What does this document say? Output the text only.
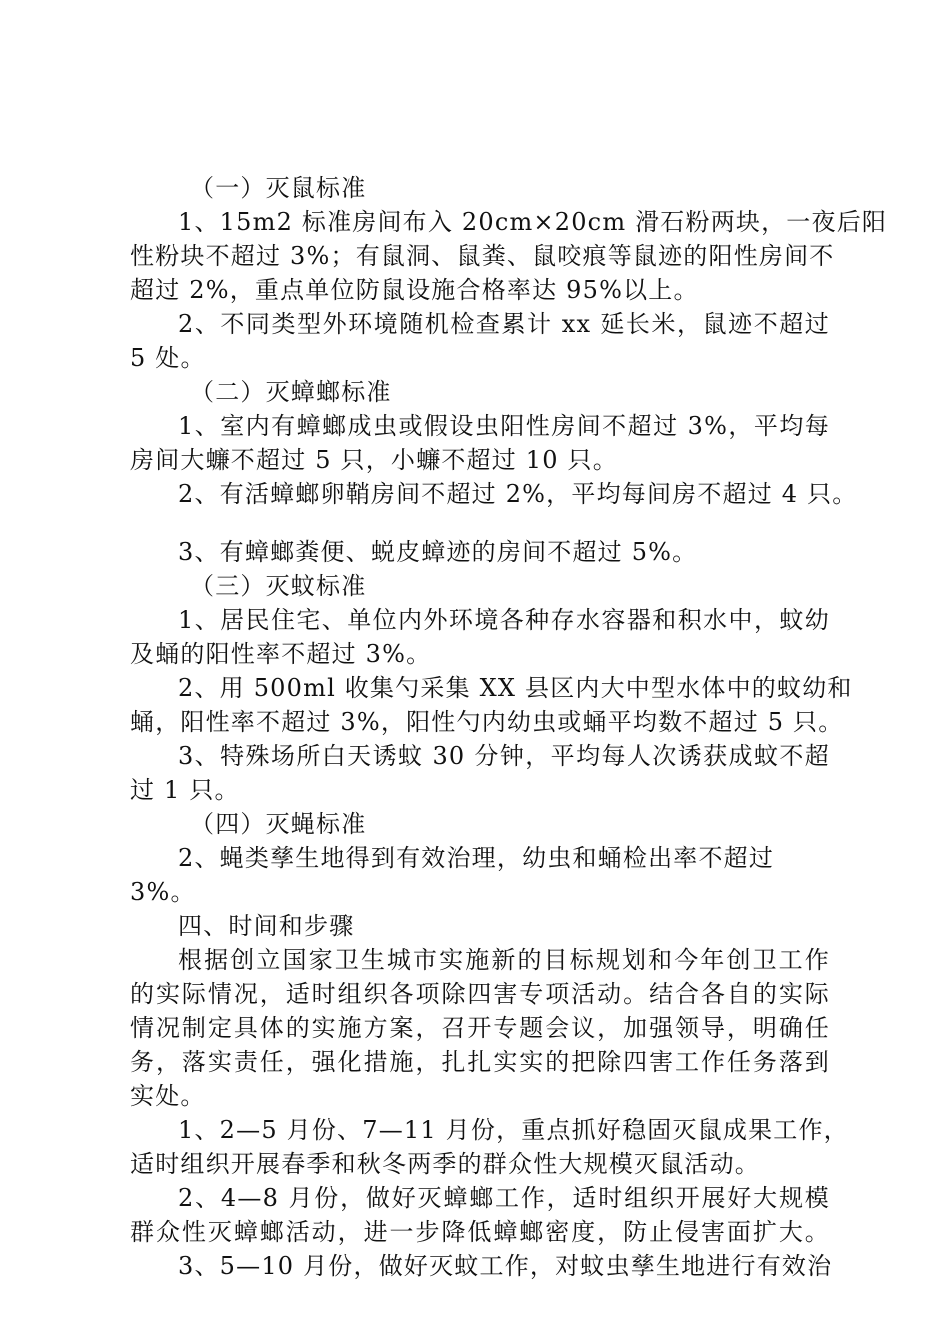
（一）灭鼠标准
1、15m2 标准房间布入 20cm×20cm 滑石粉两块，一夜后阳
性粉块不超过 3%；有鼠洞、鼠粪、鼠咬痕等鼠迹的阳性房间不
超过 2%，重点单位防鼠设施合格率达 95%以上。
2、不同类型外环境随机检查累计 xx 延长米，鼠迹不超过
5 处。
（二）灭蟑螂标准
1、室内有蟑螂成虫或假设虫阳性房间不超过 3%，平均每
房间大蠊不超过 5 只，小蠊不超过 10 只。
2、有活蟑螂卵鞘房间不超过 2%，平均每间房不超过 4 只。
3、有蟑螂粪便、蜕皮蟑迹的房间不超过 5%。
（三）灭蚊标准
1、居民住宅、单位内外环境各种存水容器和积水中，蚊幼
及蛹的阳性率不超过 3%。
2、用 500ml 收集勺采集 XX 县区内大中型水体中的蚊幼和
蛹，阳性率不超过 3%，阳性勺内幼虫或蛹平均数不超过 5 只。
3、特殊场所白天诱蚊 30 分钟，平均每人次诱获成蚊不超
过 1 只。
（四）灭蝇标准
2、蝇类孳生地得到有效治理，幼虫和蛹检出率不超过
3%。
四、时间和步骤
根据创立国家卫生城市实施新的目标规划和今年创卫工作
的实际情况，适时组织各项除四害专项活动。结合各自的实际
情况制定具体的实施方案，召开专题会议，加强领导，明确任
务，落实责任，强化措施，扎扎实实的把除四害工作任务落到
实处。
1、2—5 月份、7—11 月份，重点抓好稳固灭鼠成果工作，
适时组织开展春季和秋冬两季的群众性大规模灭鼠活动。
2、4—8 月份，做好灭蟑螂工作，适时组织开展好大规模
群众性灭蟑螂活动，进一步降低蟑螂密度，防止侵害面扩大。
3、5—10 月份，做好灭蚊工作，对蚊虫孳生地进行有效治
